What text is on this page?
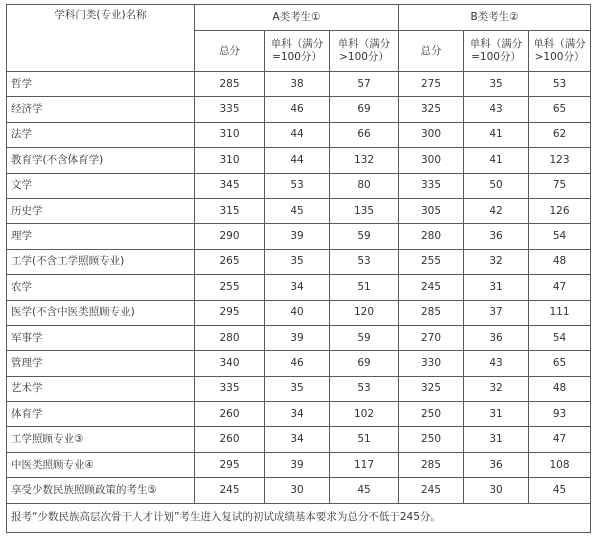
学科门类(专业)名称	A类考生①			B类考生②		
	总分	单科（满分=100分）	单科（满分>100分）	总分	单科（满分=100分）	单科（满分>100分）
哲学	285	38	57	275	35	53
经济学	335	46	69	325	43	65
法学	310	44	66	300	41	62
教育学(不含体育学)	310	44	132	300	41	123
文学	345	53	80	335	50	75
历史学	315	45	135	305	42	126
理学	290	39	59	280	36	54
工学(不含工学照顾专业)	265	35	53	255	32	48
农学	255	34	51	245	31	47
医学(不含中医类照顾专业)	295	40	120	285	37	111
军事学	280	39	59	270	36	54
管理学	340	46	69	330	43	65
艺术学	335	35	53	325	32	48
体育学	260	34	102	250	31	93
工学照顾专业③	260	34	51	250	31	47
中医类照顾专业④	295	39	117	285	36	108
享受少数民族照顾政策的考生⑤	245	30	45	245	30	45
报考“少数民族高层次骨干人才计划”考生进入复试的初试成绩基本要求为总分不低于245分。						
